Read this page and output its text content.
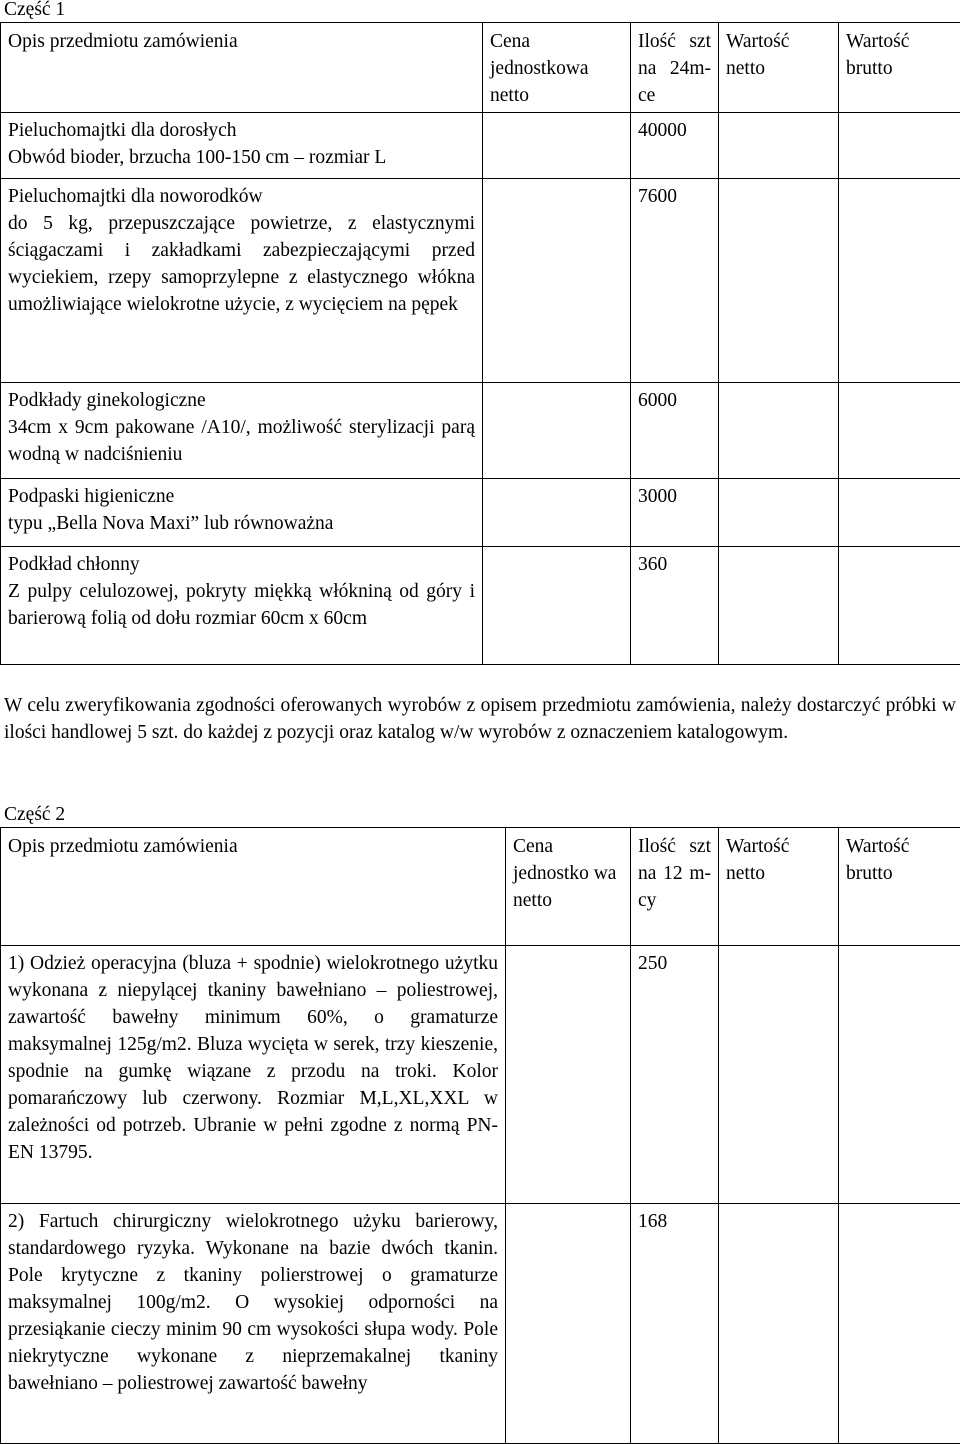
Część 1
Opis przedmiotu zamówienia	Cena jednostkowa netto	Ilość szt na 24m-ce	Wartość netto	Wartość brutto

Pieluchomajtki dla dorosłych
Obwód bioder, brzucha 100-150 cm – rozmiar L		40000		

Pieluchomajtki dla noworodków
do 5 kg, przepuszczające powietrze, z elastycznymi ściągaczami i zakładkami zabezpieczającymi przed wyciekiem, rzepy samoprzylepne z elastycznego włókna umożliwiające wielokrotne użycie, z wycięciem na pępek		7600		

Podkłady ginekologiczne
34cm x 9cm pakowane /A10/, możliwość sterylizacji parą wodną w nadciśnieniu		6000		

Podpaski higieniczne
typu „Bella Nova Maxi” lub równoważna		3000		

Podkład chłonny
Z pulpy celulozowej, pokryty miękką włókniną od góry i barierową folią od dołu rozmiar 60cm x 60cm		360		
W celu zweryfikowania zgodności oferowanych wyrobów z opisem przedmiotu zamówienia, należy dostarczyć próbki w ilości handlowej 5 szt. do każdej z pozycji oraz katalog w/w wyrobów z oznaczeniem katalogowym.
Część 2
Opis przedmiotu zamówienia	Cena jednostko wa netto	Ilość szt na 12 m-cy	Wartość netto	Wartość brutto
1) Odzież operacyjna (bluza + spodnie) wielokrotnego użytku wykonana z niepylącej tkaniny bawełniano – poliestrowej, zawartość bawełny minimum 60%, o gramaturze maksymalnej 125g/m2. Bluza wycięta w serek, trzy kieszenie, spodnie na gumkę wiązane z przodu na troki. Kolor pomarańczowy lub czerwony. Rozmiar M,L,XL,XXL w zależności od potrzeb. Ubranie w pełni zgodne z normą PN-EN 13795.		250		
2) Fartuch chirurgiczny wielokrotnego użyku barierowy, standardowego ryzyka. Wykonane na bazie dwóch tkanin. Pole krytyczne z tkaniny polierstrowej o gramaturze maksymalnej 100g/m2. O wysokiej odporności na przesiąkanie cieczy minim 90 cm wysokości słupa wody. Pole niekrytyczne wykonane z nieprzemakalnej tkaniny bawełniano – poliestrowej zawartość bawełny		168		
